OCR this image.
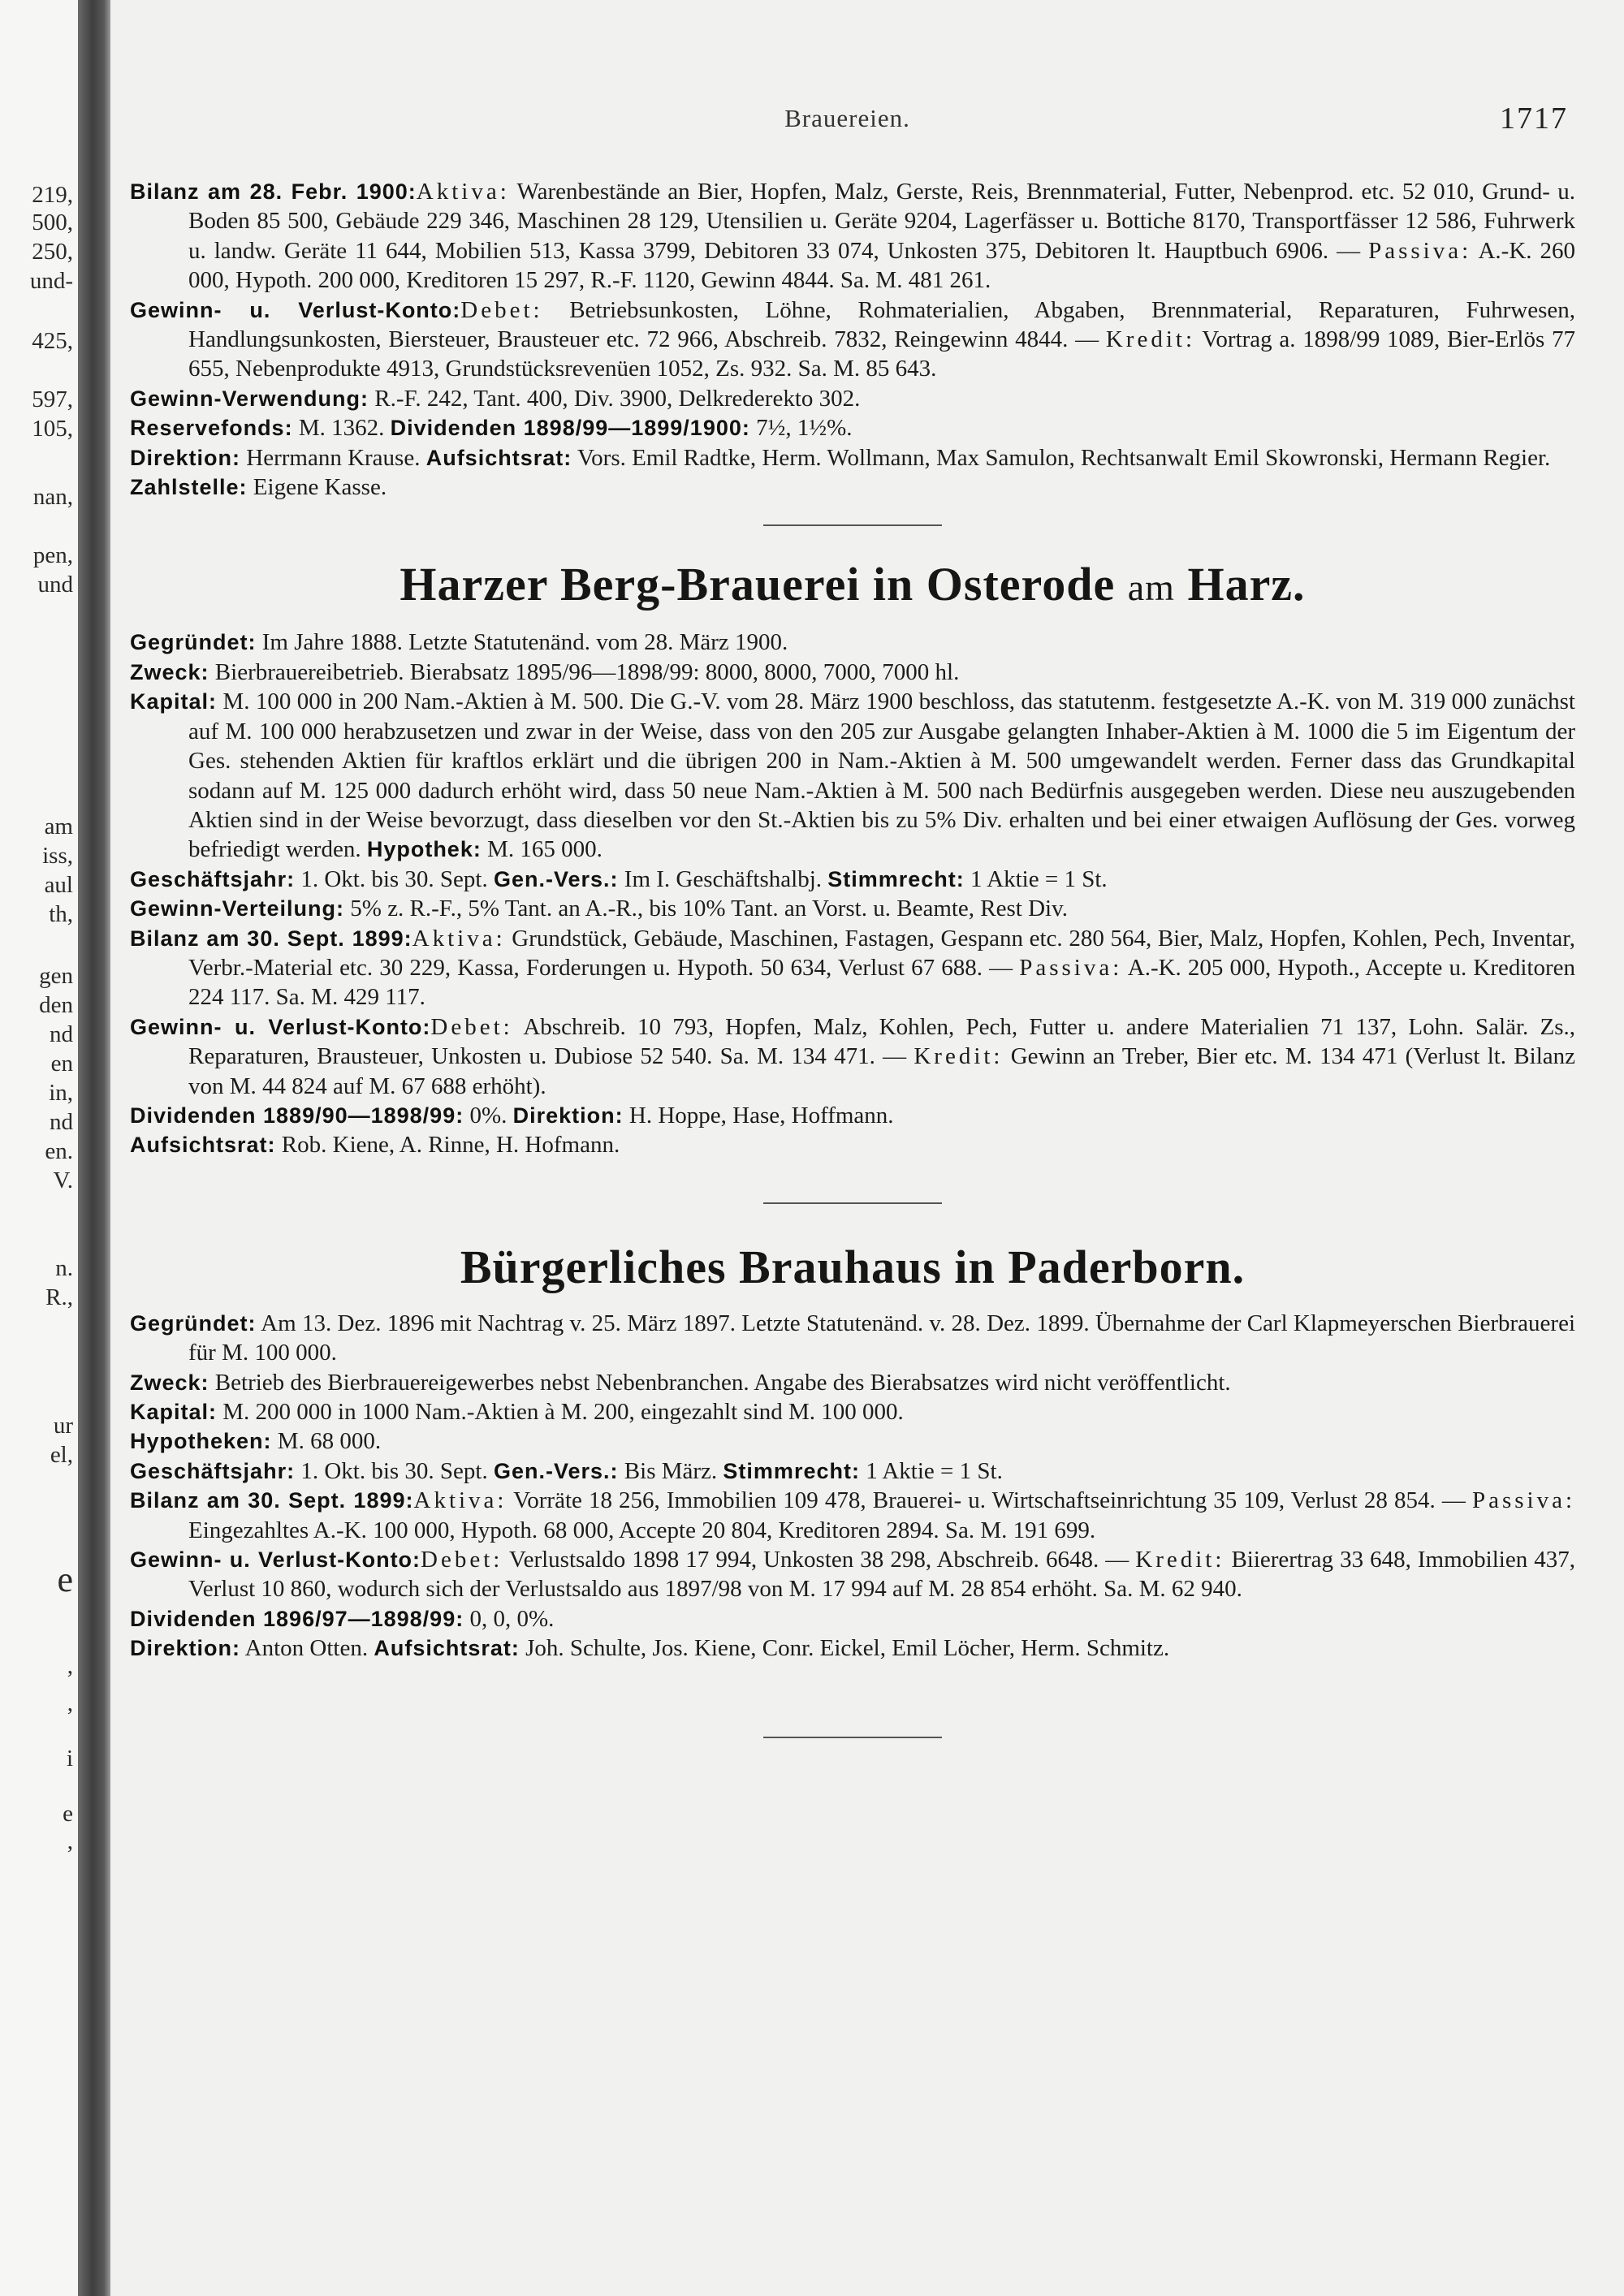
219,
500,
250,
und-
425,
597,
105,
nan,
pen,
und
am
iss,
aul
th,
gen
den
nd
en
in,
nd
en.
V.
n.
R.,
ur
el,
e
,
,
i
e
,
Brauereien.	1717

Bilanz am 28. Febr. 1900:Aktiva: Warenbestände an Bier, Hopfen, Malz, Gerste, Reis, Brennmaterial, Futter, Nebenprod. etc. 52 010, Grund- u. Boden 85 500, Gebäude 229 346, Maschinen 28 129, Utensilien u. Geräte 9204, Lagerfässer u. Bottiche 8170, Transportfässer 12 586, Fuhrwerk u. landw. Geräte 11 644, Mobilien 513, Kassa 3799, Debitoren 33 074, Unkosten 375, Debitoren lt. Hauptbuch 6906. — Passiva: A.-K. 260 000, Hypoth. 200 000, Kreditoren 15 297, R.-F. 1120, Gewinn 4844. Sa. M. 481 261.

Gewinn- u. Verlust-Konto:Debet: Betriebsunkosten, Löhne, Rohmaterialien, Abgaben, Brennmaterial, Reparaturen, Fuhrwesen, Handlungsunkosten, Biersteuer, Brausteuer etc. 72 966, Abschreib. 7832, Reingewinn 4844. — Kredit: Vortrag a. 1898/99 1089, Bier-Erlös 77 655, Nebenprodukte 4913, Grundstücksrevenüen 1052, Zs. 932. Sa. M. 85 643.

Gewinn-Verwendung: R.-F. 242, Tant. 400, Div. 3900, Delkrederekto 302.

Reservefonds: M. 1362. Dividenden 1898/99—1899/1900: 7½, 1½%.

Direktion: Herrmann Krause. Aufsichtsrat: Vors. Emil Radtke, Herm. Wollmann, Max Samulon, Rechtsanwalt Emil Skowronski, Hermann Regier.

Zahlstelle: Eigene Kasse.

Harzer Berg-Brauerei in Osterode am Harz.

Gegründet: Im Jahre 1888. Letzte Statutenänd. vom 28. März 1900.

Zweck: Bierbrauereibetrieb. Bierabsatz 1895/96—1898/99: 8000, 8000, 7000, 7000 hl.

Kapital: M. 100 000 in 200 Nam.-Aktien à M. 500. Die G.-V. vom 28. März 1900 beschloss, das statutenm. festgesetzte A.-K. von M. 319 000 zunächst auf M. 100 000 herabzusetzen und zwar in der Weise, dass von den 205 zur Ausgabe gelangten Inhaber-Aktien à M. 1000 die 5 im Eigentum der Ges. stehenden Aktien für kraftlos erklärt und die übrigen 200 in Nam.-Aktien à M. 500 umgewandelt werden. Ferner dass das Grundkapital sodann auf M. 125 000 dadurch erhöht wird, dass 50 neue Nam.-Aktien à M. 500 nach Bedürfnis ausgegeben werden. Diese neu auszugebenden Aktien sind in der Weise bevorzugt, dass dieselben vor den St.-Aktien bis zu 5% Div. erhalten und bei einer etwaigen Auflösung der Ges. vorweg befriedigt werden. Hypothek: M. 165 000.

Geschäftsjahr: 1. Okt. bis 30. Sept. Gen.-Vers.: Im I. Geschäftshalbj. Stimmrecht: 1 Aktie = 1 St.

Gewinn-Verteilung: 5% z. R.-F., 5% Tant. an A.-R., bis 10% Tant. an Vorst. u. Beamte, Rest Div.

Bilanz am 30. Sept. 1899:Aktiva: Grundstück, Gebäude, Maschinen, Fastagen, Gespann etc. 280 564, Bier, Malz, Hopfen, Kohlen, Pech, Inventar, Verbr.-Material etc. 30 229, Kassa, Forderungen u. Hypoth. 50 634, Verlust 67 688. — Passiva: A.-K. 205 000, Hypoth., Accepte u. Kreditoren 224 117. Sa. M. 429 117.

Gewinn- u. Verlust-Konto:Debet: Abschreib. 10 793, Hopfen, Malz, Kohlen, Pech, Futter u. andere Materialien 71 137, Lohn. Salär. Zs., Reparaturen, Brausteuer, Unkosten u. Dubiose 52 540. Sa. M. 134 471. — Kredit: Gewinn an Treber, Bier etc. M. 134 471 (Verlust lt. Bilanz von M. 44 824 auf M. 67 688 erhöht).

Dividenden 1889/90—1898/99: 0%. Direktion: H. Hoppe, Hase, Hoffmann.

Aufsichtsrat: Rob. Kiene, A. Rinne, H. Hofmann.

Bürgerliches Brauhaus in Paderborn.

Gegründet: Am 13. Dez. 1896 mit Nachtrag v. 25. März 1897. Letzte Statutenänd. v. 28. Dez. 1899. Übernahme der Carl Klapmeyerschen Bierbrauerei für M. 100 000.

Zweck: Betrieb des Bierbrauereigewerbes nebst Nebenbranchen. Angabe des Bierabsatzes wird nicht veröffentlicht.

Kapital: M. 200 000 in 1000 Nam.-Aktien à M. 200, eingezahlt sind M. 100 000.

Hypotheken: M. 68 000.

Geschäftsjahr: 1. Okt. bis 30. Sept. Gen.-Vers.: Bis März. Stimmrecht: 1 Aktie = 1 St.

Bilanz am 30. Sept. 1899:Aktiva: Vorräte 18 256, Immobilien 109 478, Brauerei- u. Wirtschaftseinrichtung 35 109, Verlust 28 854. — Passiva: Eingezahltes A.-K. 100 000, Hypoth. 68 000, Accepte 20 804, Kreditoren 2894. Sa. M. 191 699.

Gewinn- u. Verlust-Konto:Debet: Verlustsaldo 1898 17 994, Unkosten 38 298, Abschreib. 6648. — Kredit: Biierertrag 33 648, Immobilien 437, Verlust 10 860, wodurch sich der Verlustsaldo aus 1897/98 von M. 17 994 auf M. 28 854 erhöht. Sa. M. 62 940.

Dividenden 1896/97—1898/99: 0, 0, 0%.

Direktion: Anton Otten. Aufsichtsrat: Joh. Schulte, Jos. Kiene, Conr. Eickel, Emil Löcher, Herm. Schmitz.
